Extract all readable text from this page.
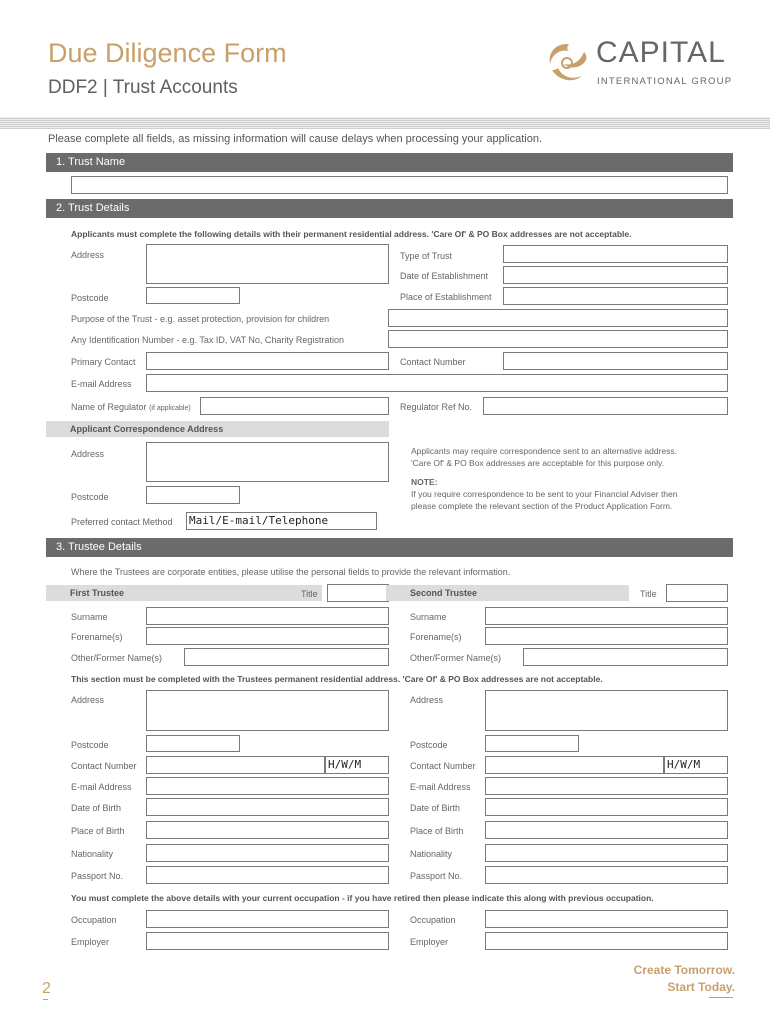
Due Diligence Form
DDF2 | Trust Accounts
CAPITAL
INTERNATIONAL GROUP
Please complete all fields, as missing information will cause delays when processing your application.
1. Trust Name
2. Trust Details
Applicants must complete the following details with their permanent residential address. 'Care Of' & PO Box addresses are not acceptable.
Address	Type of Trust
Date of Establishment
Postcode	Place of Establishment
Purpose of the Trust - e.g. asset protection, provision for children
Any Identification Number - e.g. Tax ID, VAT No, Charity Registration
Primary Contact	Contact Number
E-mail Address
Name of Regulator (if applicable)	Regulator Ref No.
Applicant Correspondence Address
Address
Postcode
Preferred contact Method Mail/E-mail/Telephone
Applicants may require correspondence sent to an alternative address.
'Care Of' & PO Box addresses are acceptable for this purpose only.
NOTE:
If you require correspondence to be sent to your Financial Adviser then
please complete the relevant section of the Product Application Form.
3. Trustee Details
Where the Trustees are corporate entities, please utilise the personal fields to provide the relevant information.
First Trustee	Title	Second Trustee	Title
Surname	Surname
Forename(s)	Forename(s)
Other/Former Name(s)	Other/Former Name(s)
This section must be completed with the Trustees permanent residential address. 'Care Of' & PO Box addresses are not acceptable.
Address	Address
Postcode	Postcode
Contact Number	H/W/M	Contact Number	H/W/M
E-mail Address	E-mail Address
Date of Birth	Date of Birth
Place of Birth	Place of Birth
Nationality	Nationality
Passport No.	Passport No.
You must complete the above details with your current occupation - if you have retired then please indicate this along with previous occupation.
Occupation	Occupation
Employer	Employer
2
Create Tomorrow.
Start Today.
